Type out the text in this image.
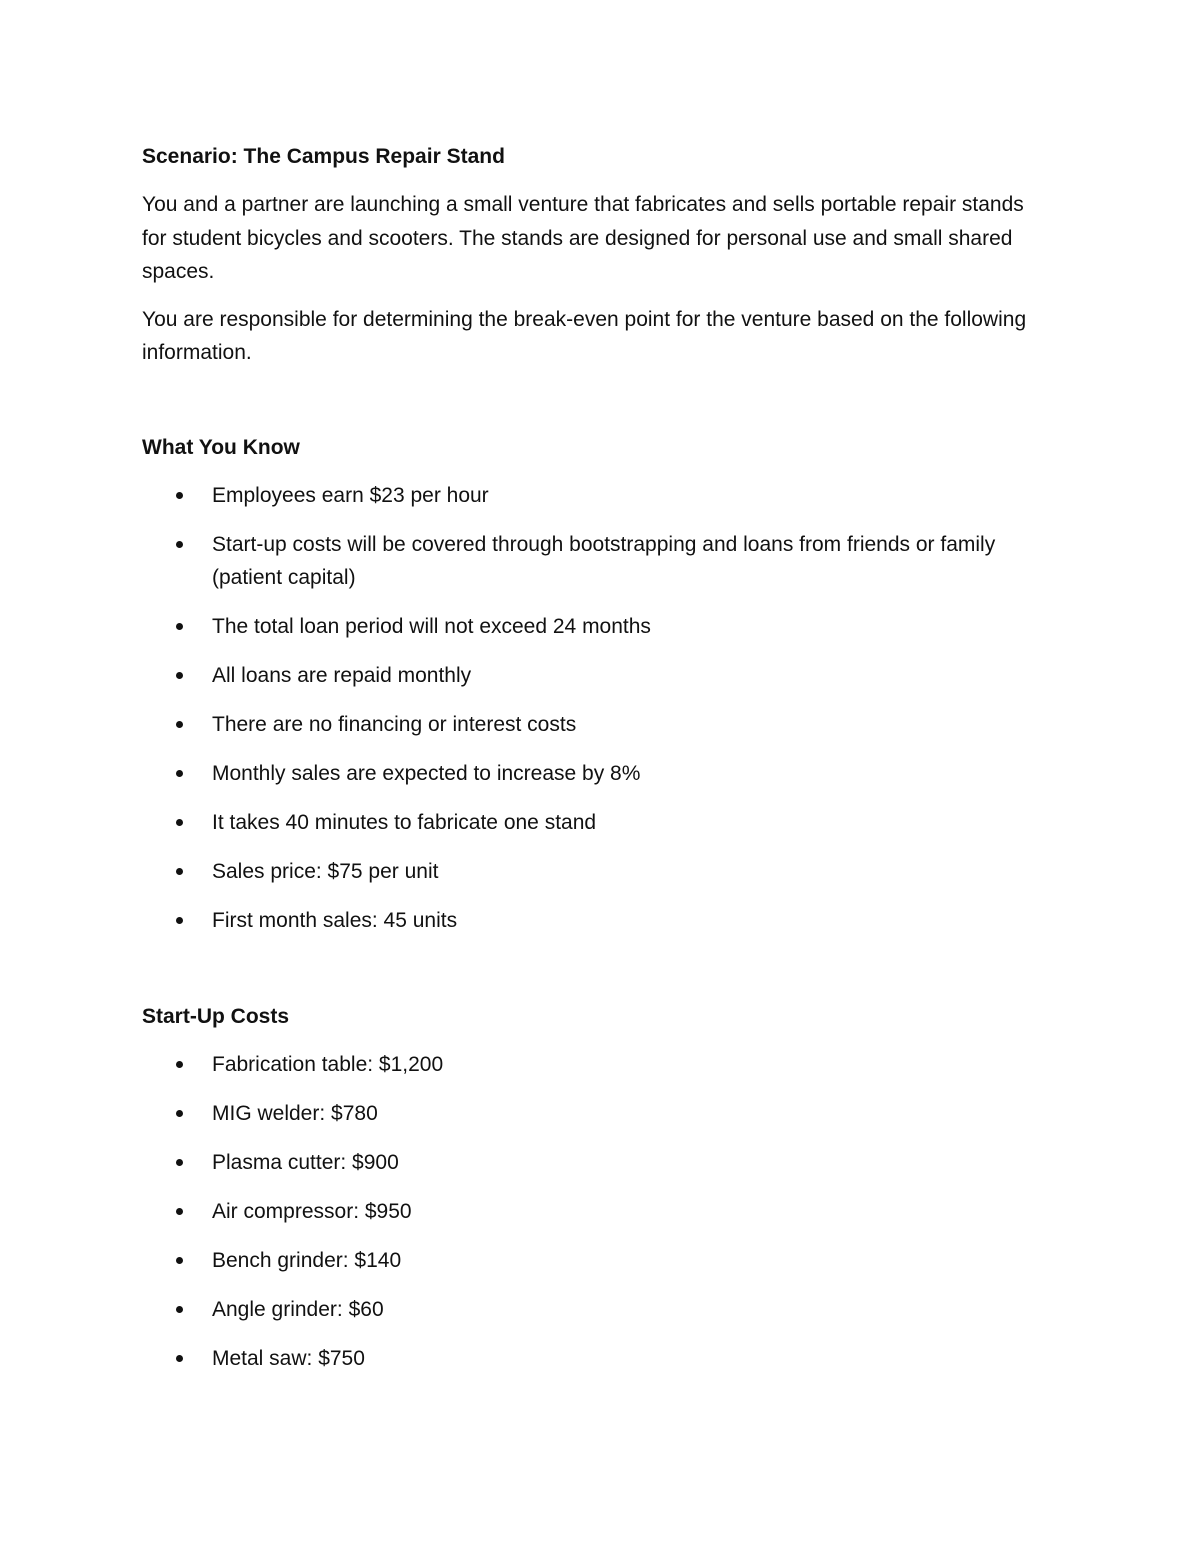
Scenario: The Campus Repair Stand

You and a partner are launching a small venture that fabricates and sells portable repair stands for student bicycles and scooters. The stands are designed for personal use and small shared spaces.

You are responsible for determining the break-even point for the venture based on the following information.

What You Know
Employees earn $23 per hour
Start-up costs will be covered through bootstrapping and loans from friends or family (patient capital)
The total loan period will not exceed 24 months
All loans are repaid monthly
There are no financing or interest costs
Monthly sales are expected to increase by 8%
It takes 40 minutes to fabricate one stand
Sales price: $75 per unit
First month sales: 45 units
Start-Up Costs
Fabrication table: $1,200
MIG welder: $780
Plasma cutter: $900
Air compressor: $950
Bench grinder: $140
Angle grinder: $60
Metal saw: $750
